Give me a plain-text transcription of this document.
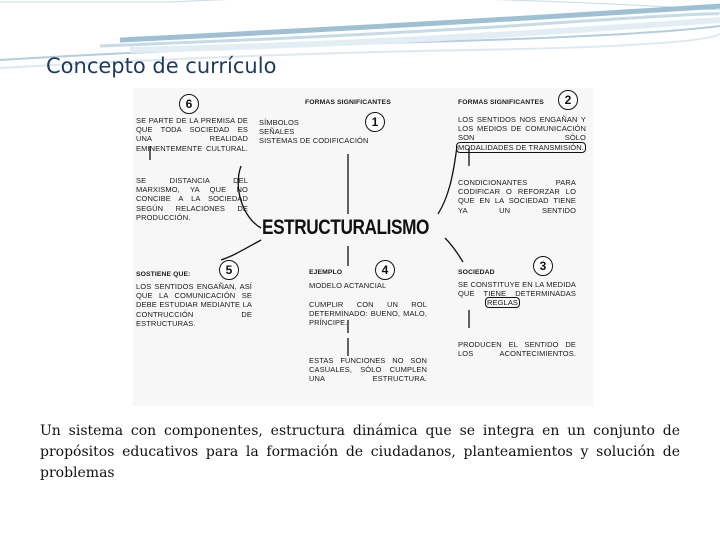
Concepto de currículo
6
SE PARTE DE LA PREMISA DE QUE TODA SOCIEDAD ES UNA REALIDAD EMINENTEMENTE CULTURAL.
SE DISTANCIA DEL MARXISMO, YA QUE NO CONCIBE A LA SOCIEDAD SEGÚN RELACIONES DE PRODUCCIÓN.
FORMAS SIGNIFICANTES
1
SÍMBOLOS
SEÑALES
SISTEMAS DE CODIFICACIÓN
FORMAS SIGNIFICANTES	2
LOS SENTIDOS NOS ENGAÑAN Y LOS MEDIOS DE COMUNICACIÓN SON SÓLO
MODALIDADES DE TRANSMISIÓN.
CONDICIONANTES PARA CODIFICAR O REFORZAR LO QUE EN LA SOCIEDAD TIENE YA UN SENTIDO
ESTRUCTURALISMO
SOSTIENE QUE:	5
LOS SENTIDOS ENGAÑAN, ASÍ QUE LA COMUNICACIÓN SE DEBE ESTUDIAR MEDIANTE LA CONTRUCCIÓN DE ESTRUCTURAS.
EJEMPLO	4
MODELO ACTANCIAL
CUMPLIR CON UN ROL DETERMINADO: BUENO, MALO, PRÍNCIPE.
ESTAS FUNCIONES NO SON CASUALES, SÓLO CUMPLEN UNA ESTRUCTURA.
SOCIEDAD	3
SE CONSTITUYE EN LA MEDIDA QUE TIENE DETERMINADAS
REGLAS
PRODUCEN EL SENTIDO DE LOS ACONTECIMIENTOS.

Un sistema con componentes, estructura dinámica que se integra en un conjunto de propósitos educativos para la formación de ciudadanos, planteamientos y solución de problemas
